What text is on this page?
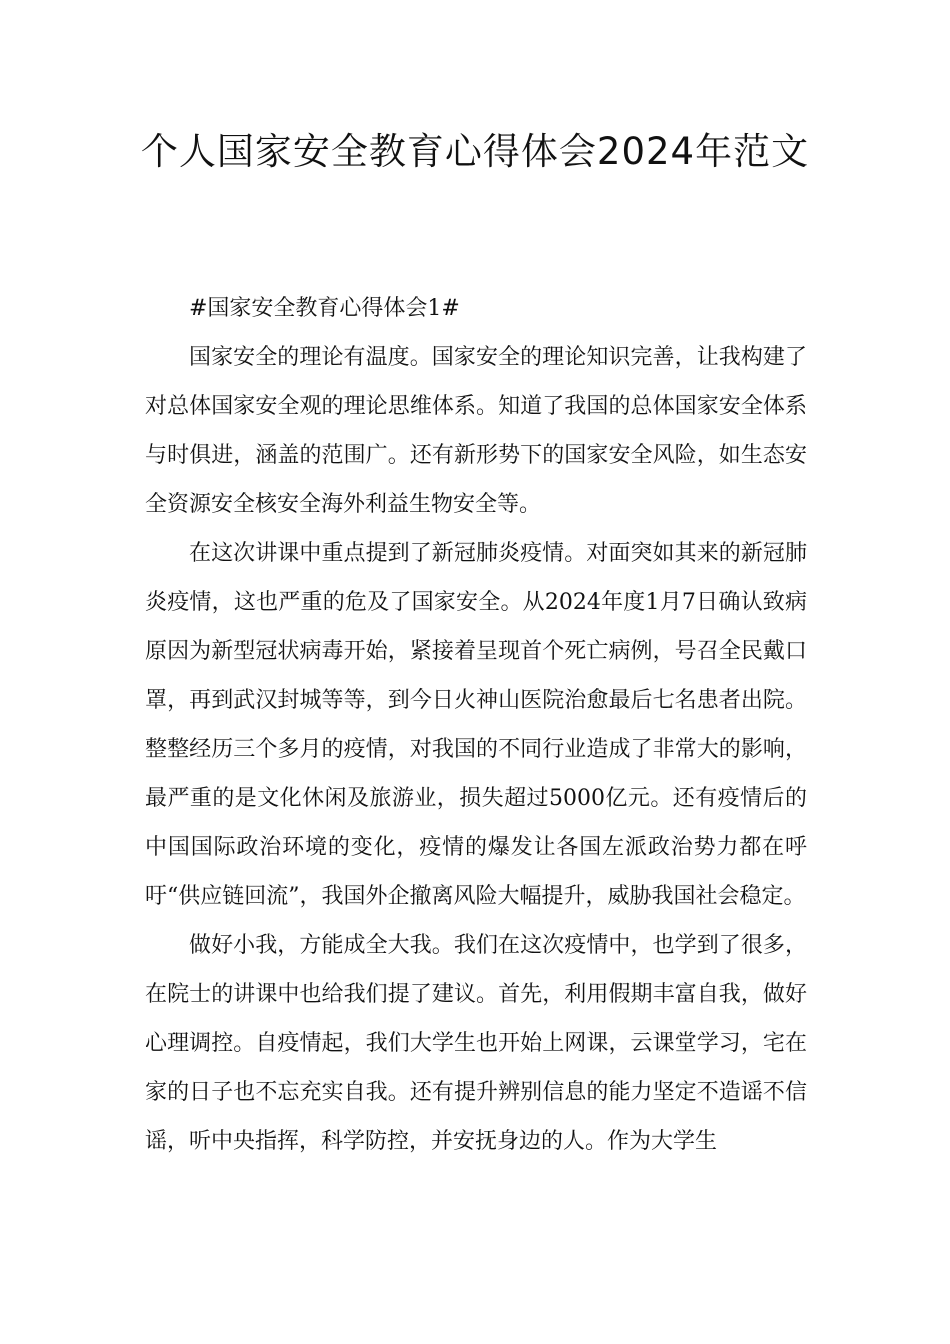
个人国家安全教育心得体会2024年范文

#国家安全教育心得体会1#

国家安全的理论有温度。国家安全的理论知识完善，让我构建了对总体国家安全观的理论思维体系。知道了我国的总体国家安全体系与时俱进，涵盖的范围广。还有新形势下的国家安全风险，如生态安全资源安全核安全海外利益生物安全等。

在这次讲课中重点提到了新冠肺炎疫情。对面突如其来的新冠肺炎疫情，这也严重的危及了国家安全。从2024年度1月7日确认致病原因为新型冠状病毒开始，紧接着呈现首个死亡病例，号召全民戴口罩，再到武汉封城等等，到今日火神山医院治愈最后七名患者出院。整整经历三个多月的疫情，对我国的不同行业造成了非常大的影响，最严重的是文化休闲及旅游业，损失超过5000亿元。还有疫情后的中国国际政治环境的变化，疫情的爆发让各国左派政治势力都在呼吁“供应链回流”，我国外企撤离风险大幅提升，威胁我国社会稳定。

做好小我，方能成全大我。我们在这次疫情中，也学到了很多，在院士的讲课中也给我们提了建议。首先，利用假期丰富自我，做好心理调控。自疫情起，我们大学生也开始上网课，云课堂学习，宅在家的日子也不忘充实自我。还有提升辨别信息的能力坚定不造谣不信谣，听中央指挥，科学防控，并安抚身边的人。作为大学生
